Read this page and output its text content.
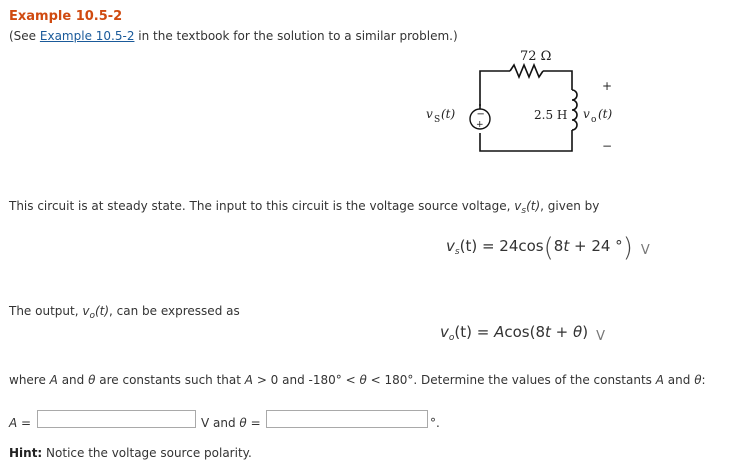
Example 10.5-2
(See Example 10.5-2 in the textbook for the solution to a similar problem.)
−
+
72 Ω
2.5 H
v S (t)	v o (t)
+
−
This circuit is at steady state. The input to this circuit is the voltage source voltage, $v_s(t)$, given by
$v_s(t) = 24\cos(8t + 24$ °) V
The output, $v_o(t)$, can be expressed as
$v_o(t) = Acos(8t + \theta)$ V
where A and θ are constants such that A > 0 and -180° < θ < 180°. Determine the values of the constants A and θ:
A =	V and θ =	°.
Hint: Notice the voltage source polarity.
